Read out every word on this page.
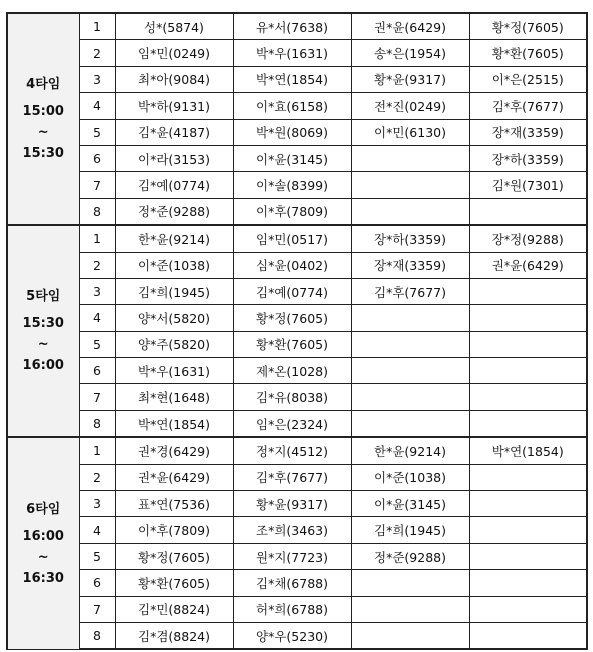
4타임
15:00
~
15:30	1	성*(5874)	유*서(7638)	권*윤(6429)	황*정(7605)
	2	임*민(0249)	박*우(1631)	송*은(1954)	황*환(7605)
	3	최*아(9084)	박*연(1854)	황*윤(9317)	이*은(2515)
	4	박*하(9131)	이*효(6158)	전*진(0249)	김*후(7677)
	5	김*윤(4187)	박*원(8069)	이*민(6130)	장*재(3359)
	6	이*라(3153)	이*윤(3145)		장*하(3359)
	7	김*예(0774)	이*솔(8399)		김*원(7301)
	8	정*준(9288)	이*후(7809)		

5타임
15:30
~
16:00	1	한*윤(9214)	임*민(0517)	장*하(3359)	장*정(9288)
	2	이*준(1038)	심*윤(0402)	장*재(3359)	권*윤(6429)
	3	김*희(1945)	김*예(0774)	김*후(7677)	
	4	양*서(5820)	황*정(7605)		
	5	양*주(5820)	황*환(7605)		
	6	박*우(1631)	제*온(1028)		
	7	최*현(1648)	김*유(8038)		
	8	박*연(1854)	임*은(2324)		

6타임
16:00
~
16:30	1	권*경(6429)	정*지(4512)	한*윤(9214)	박*연(1854)
	2	권*윤(6429)	김*후(7677)	이*준(1038)	
	3	표*연(7536)	황*윤(9317)	이*윤(3145)	
	4	이*후(7809)	조*희(3463)	김*희(1945)	
	5	황*정(7605)	원*지(7723)	정*준(9288)	
	6	황*환(7605)	김*채(6788)		
	7	김*민(8824)	허*희(6788)		
	8	김*겸(8824)	양*우(5230)		
